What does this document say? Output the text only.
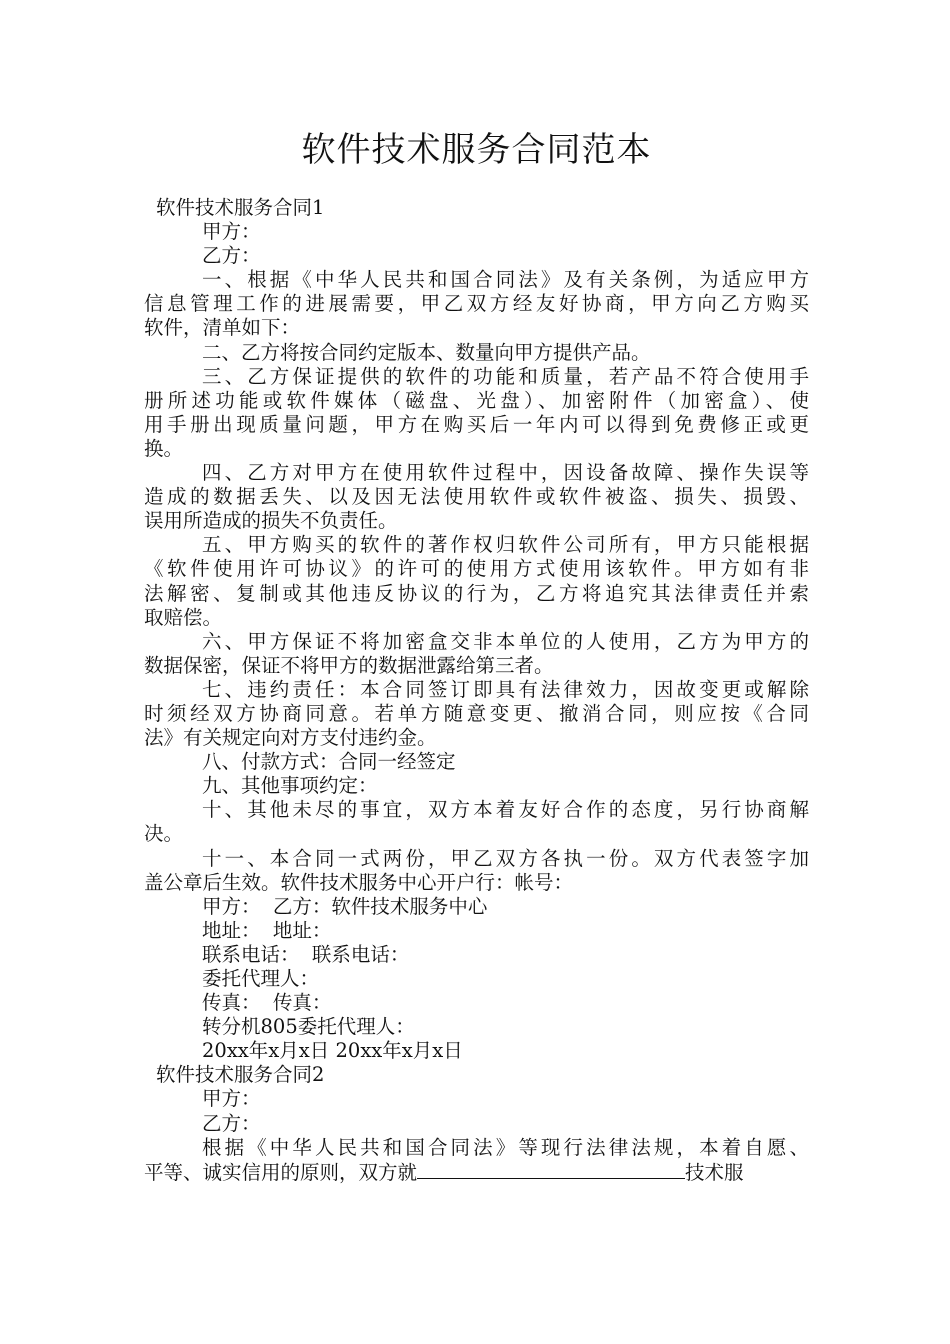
软件技术服务合同范本
软件技术服务合同1
甲方：
乙方：
一、根据《中华人民共和国合同法》及有关条例，为适应甲方
信息管理工作的进展需要，甲乙双方经友好协商，甲方向乙方购买
软件，清单如下：
二、乙方将按合同约定版本、数量向甲方提供产品。
三、乙方保证提供的软件的功能和质量，若产品不符合使用手
册所述功能或软件媒体（磁盘、光盘）、加密附件（加密盒）、使
用手册出现质量问题，甲方在购买后一年内可以得到免费修正或更
换。
四、乙方对甲方在使用软件过程中，因设备故障、操作失误等
造成的数据丢失、以及因无法使用软件或软件被盗、损失、损毁、
误用所造成的损失不负责任。
五、甲方购买的软件的著作权归软件公司所有，甲方只能根据
《软件使用许可协议》的许可的使用方式使用该软件。甲方如有非
法解密、复制或其他违反协议的行为，乙方将追究其法律责任并索
取赔偿。
六、甲方保证不将加密盒交非本单位的人使用，乙方为甲方的
数据保密，保证不将甲方的数据泄露给第三者。
七、违约责任：本合同签订即具有法律效力，因故变更或解除
时须经双方协商同意。若单方随意变更、撤消合同，则应按《合同
法》有关规定向对方支付违约金。
八、付款方式：合同一经签定
九、其他事项约定：
十、其他未尽的事宜，双方本着友好合作的态度，另行协商解
决。
十一、本合同一式两份，甲乙双方各执一份。双方代表签字加
盖公章后生效。软件技术服务中心开户行：帐号：
甲方：  乙方：软件技术服务中心
地址：  地址：
联系电话：  联系电话：
委托代理人：
传真：  传真：
转分机805委托代理人：
20xx年x月x日 20xx年x月x日
软件技术服务合同2
甲方：
乙方：
根据《中华人民共和国合同法》等现行法律法规，本着自愿、
平等、诚实信用的原则，双方就	技术服
